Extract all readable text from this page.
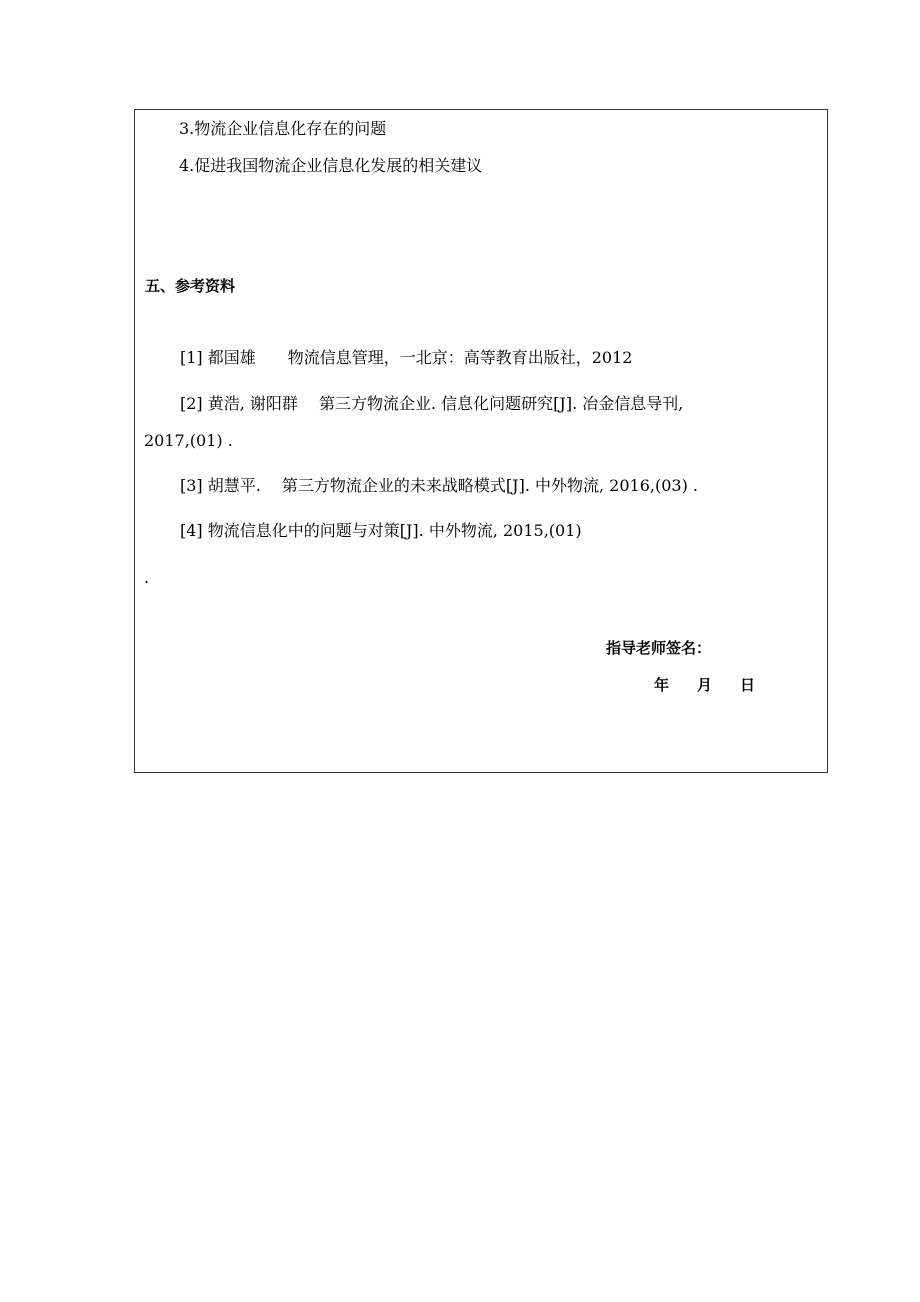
3.物流企业信息化存在的问题
4.促进我国物流企业信息化发展的相关建议
五、参考资料
[1] 都国雄　　物流信息管理，一北京：高等教育出版社，2012
[2] 黄浩, 谢阳群　 第三方物流企业. 信息化问题研究[J]. 冶金信息导刊,
2017,(01) .
[3] 胡慧平.　 第三方物流企业的未来战略模式[J]. 中外物流, 2016,(03) .
[4] 物流信息化中的问题与对策[J]. 中外物流, 2015,(01)
.
指导老师签名：
年 月 日
